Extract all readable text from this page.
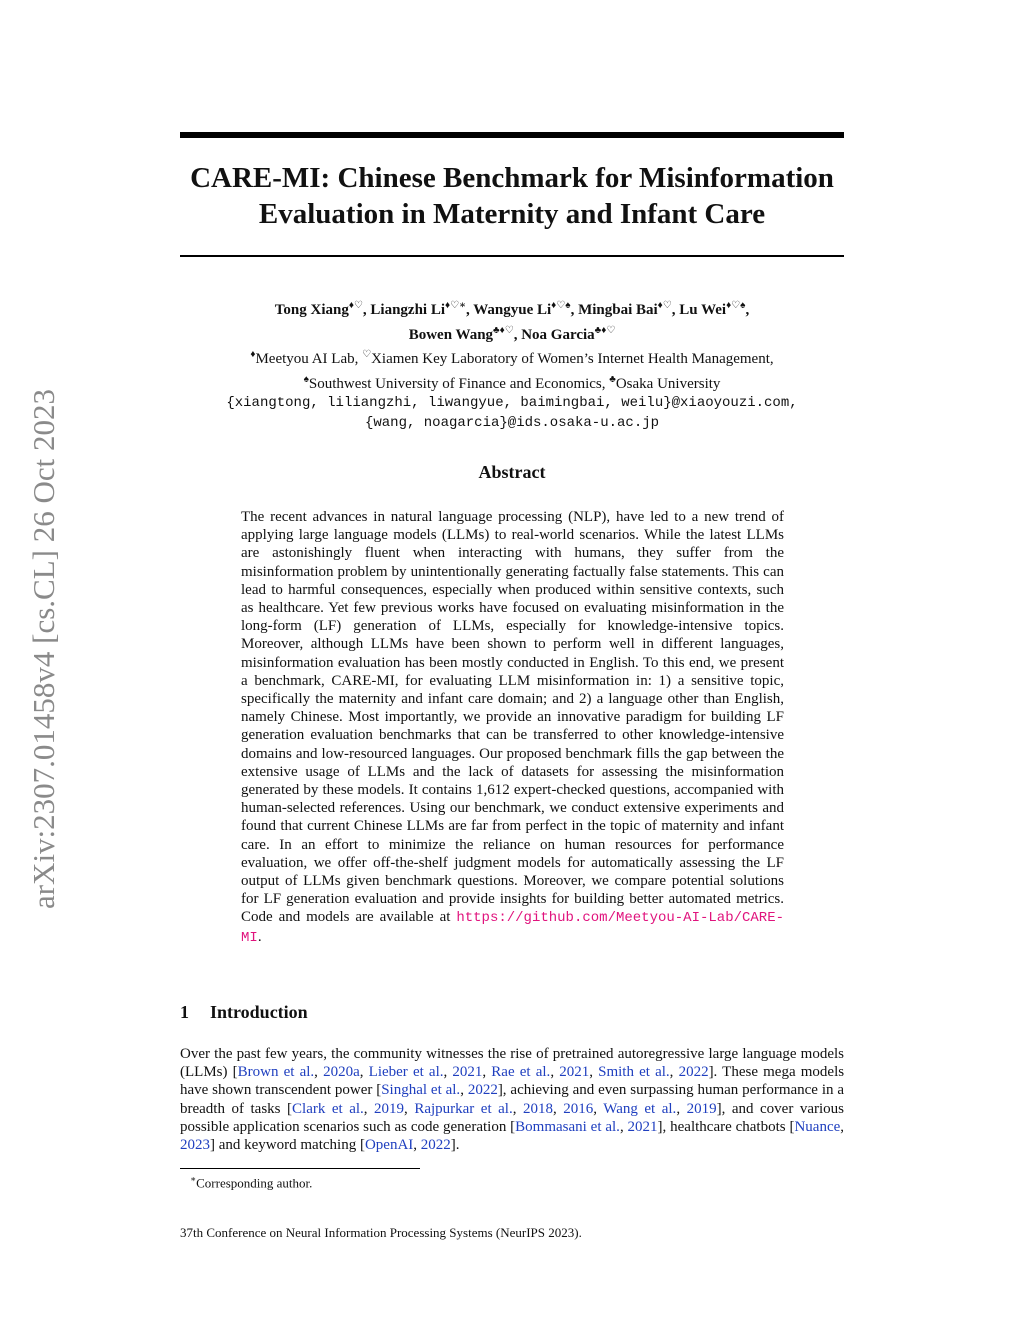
arXiv:2307.01458v4 [cs.CL] 26 Oct 2023
CARE-MI: Chinese Benchmark for Misinformation
Evaluation in Maternity and Infant Care
Tong Xiang♦♡, Liangzhi Li♦♡∗, Wangyue Li♦♡♠, Mingbai Bai♦♡, Lu Wei♦♡♠,
Bowen Wang♣♦♡, Noa Garcia♣♦♡
♦Meetyou AI Lab, ♡Xiamen Key Laboratory of Women’s Internet Health Management,
♠Southwest University of Finance and Economics, ♣Osaka University
{xiangtong, liliangzhi, liwangyue, baimingbai, weilu}@xiaoyouzi.com,
{wang, noagarcia}@ids.osaka-u.ac.jp
Abstract
The recent advances in natural language processing (NLP), have led to a new trend of applying large language models (LLMs) to real-world scenarios. While the latest LLMs are astonishingly fluent when interacting with humans, they suffer from the misinformation problem by unintentionally generating factually false statements. This can lead to harmful consequences, especially when produced within sensitive contexts, such as healthcare. Yet few previous works have focused on evaluating misinformation in the long-form (LF) generation of LLMs, especially for knowledge-intensive topics. Moreover, although LLMs have been shown to perform well in different languages, misinformation evaluation has been mostly conducted in English. To this end, we present a benchmark, CARE-MI, for evaluating LLM misinformation in: 1) a sensitive topic, specifically the maternity and infant care domain; and 2) a language other than English, namely Chinese. Most importantly, we provide an innovative paradigm for building LF generation evaluation benchmarks that can be transferred to other knowledge-intensive domains and low-resourced languages. Our proposed benchmark fills the gap between the extensive usage of LLMs and the lack of datasets for assessing the misinformation generated by these models. It contains 1,612 expert-checked questions, accompanied with human-selected references. Using our benchmark, we conduct extensive experiments and found that current Chinese LLMs are far from perfect in the topic of maternity and infant care. In an effort to minimize the reliance on human resources for performance evaluation, we offer off-the-shelf judgment models for automatically assessing the LF output of LLMs given benchmark questions. Moreover, we compare potential solutions for LF generation evaluation and provide insights for building better automated metrics. Code and models are available at https://github.com/Meetyou-AI-Lab/CARE-MI.
1 Introduction
Over the past few years, the community witnesses the rise of pretrained autoregressive large language models (LLMs) [Brown et al., 2020a, Lieber et al., 2021, Rae et al., 2021, Smith et al., 2022]. These mega models have shown transcendent power [Singhal et al., 2022], achieving and even surpassing human performance in a breadth of tasks [Clark et al., 2019, Rajpurkar et al., 2018, 2016, Wang et al., 2019], and cover various possible application scenarios such as code generation [Bommasani et al., 2021], healthcare chatbots [Nuance, 2023] and keyword matching [OpenAI, 2022].
∗Corresponding author.
37th Conference on Neural Information Processing Systems (NeurIPS 2023).
